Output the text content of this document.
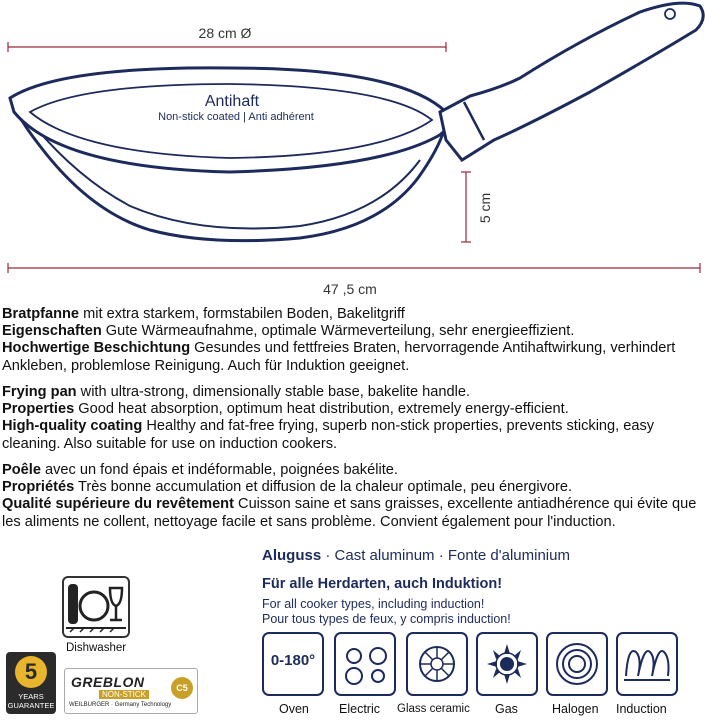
28 cm Ø
Antihaft
Non-stick coated | Anti adhérent
5 cm
47 ,5 cm

Bratpfanne mit extra starkem, formstabilen Boden, Bakelitgriff

Eigenschaften Gute Wärmeaufnahme, optimale Wärmeverteilung, sehr energieeffizient.

Hochwertige Beschichtung Gesundes und fettfreies Braten, hervorragende Antihaftwirkung, verhindert Ankleben, problemlose Reinigung. Auch für Induktion geeignet.

Frying pan with ultra-strong, dimensionally stable base, bakelite handle.

Properties Good heat absorption, optimum heat distribution, extremely energy-efficient.

High-quality coating Healthy and fat-free frying, superb non-stick properties, prevents sticking, easy cleaning. Also suitable for use on induction cookers.

Poêle avec un fond épais et indéformable, poignées bakélite.

Propriétés Très bonne accumulation et diffusion de la chaleur optimale, peu énergivore.

Qualité supérieure du revêtement Cuisson saine et sans graisses, excellente antiadhérence qui évite que les aliments ne collent, nettoyage facile et sans problème. Convient également pour l'induction.

Aluguss · Cast aluminum · Fonte d'aluminium
Für alle Herdarten, auch Induktion!
For all cooker types, including induction!
Pour tous types de feux, y compris induction!
0-180°
Oven Electric Glass ceramic Gas	Halogen Induction
Dishwasher
5
YEARS
GUARANTEE
GREBLON
NON-STICK
C5
WEILBURGER · Germany Technology
